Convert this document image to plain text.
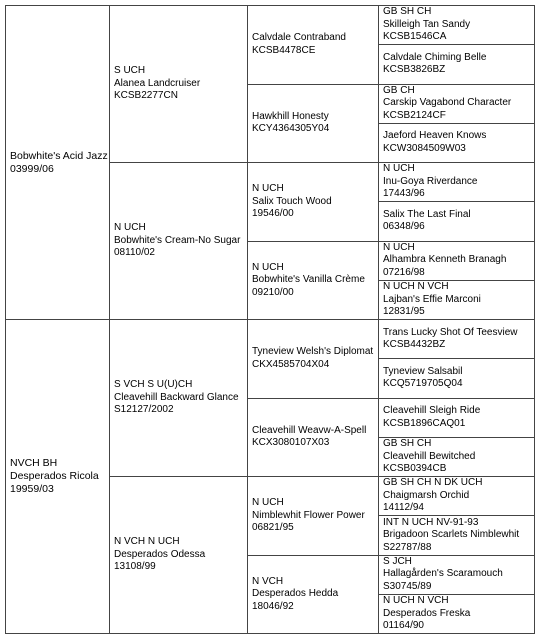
Bobwhite's Acid Jazz
03999/06
NVCH BH
Desperados Ricola
19959/03
S UCH
Alanea Landcruiser
KCSB2277CN
N UCH
Bobwhite's Cream-No Sugar
08110/02
S VCH S U(U)CH
Cleavehill Backward Glance
S12127/2002
N VCH N UCH
Desperados Odessa
13108/99
Calvdale Contraband
KCSB4478CE
Hawkhill Honesty
KCY4364305Y04
N UCH
Salix Touch Wood
19546/00
N UCH
Bobwhite's Vanilla Crème
09210/00
Tyneview Welsh's Diplomat
CKX4585704X04
Cleavehill Weavw-A-Spell
KCX3080107X03
N UCH
Nimblewhit Flower Power
06821/95
N VCH
Desperados Hedda
18046/92
GB SH CH
Skilleigh Tan Sandy
KCSB1546CA
Calvdale Chiming Belle
KCSB3826BZ
GB CH
Carskip Vagabond Character
KCSB2124CF
Jaeford Heaven Knows
KCW3084509W03
N UCH
Inu-Goya Riverdance
17443/96
Salix The Last Final
06348/96
N UCH
Alhambra Kenneth Branagh
07216/98
N UCH N VCH
Lajban's Effie Marconi
12831/95
Trans Lucky Shot Of Teesview
KCSB4432BZ
Tyneview Salsabil
KCQ5719705Q04
Cleavehill Sleigh Ride
KCSB1896CAQ01
GB SH CH
Cleavehill Bewitched
KCSB0394CB
GB SH CH N DK UCH
Chaigmarsh Orchid
14112/94
INT N UCH NV-91-93
Brigadoon Scarlets Nimblewhit
S22787/88
S JCH
Hallagården's Scaramouch
S30745/89
N UCH N VCH
Desperados Freska
01164/90
